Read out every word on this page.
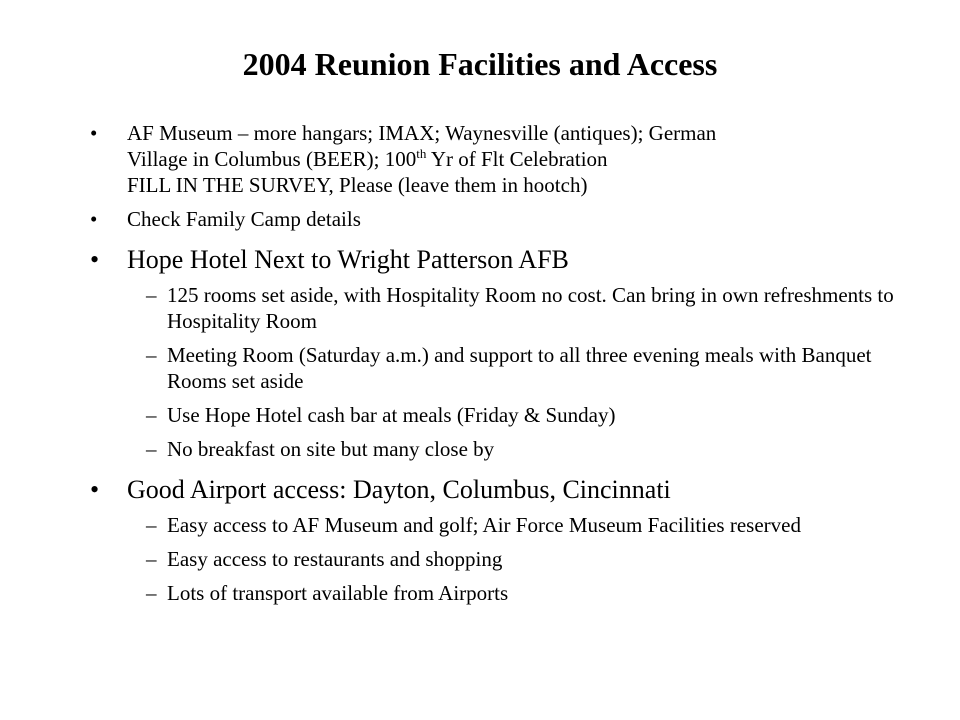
2004 Reunion Facilities and Access
• AF Museum – more hangars; IMAX; Waynesville (antiques); German
Village in Columbus (BEER); 100th Yr of Flt Celebration
FILL IN THE SURVEY, Please (leave them in hootch)
• Check Family Camp details
• Hope Hotel Next to Wright Patterson AFB
– 125 rooms set aside, with Hospitality Room no cost. Can bring in own refreshments to Hospitality Room
– Meeting Room (Saturday a.m.) and support to all three evening meals with Banquet Rooms set aside
– Use Hope Hotel cash bar at meals (Friday & Sunday)
– No breakfast on site but many close by
• Good Airport access: Dayton, Columbus, Cincinnati
– Easy access to AF Museum and golf; Air Force Museum Facilities reserved
– Easy access to restaurants and shopping
– Lots of transport available from Airports
